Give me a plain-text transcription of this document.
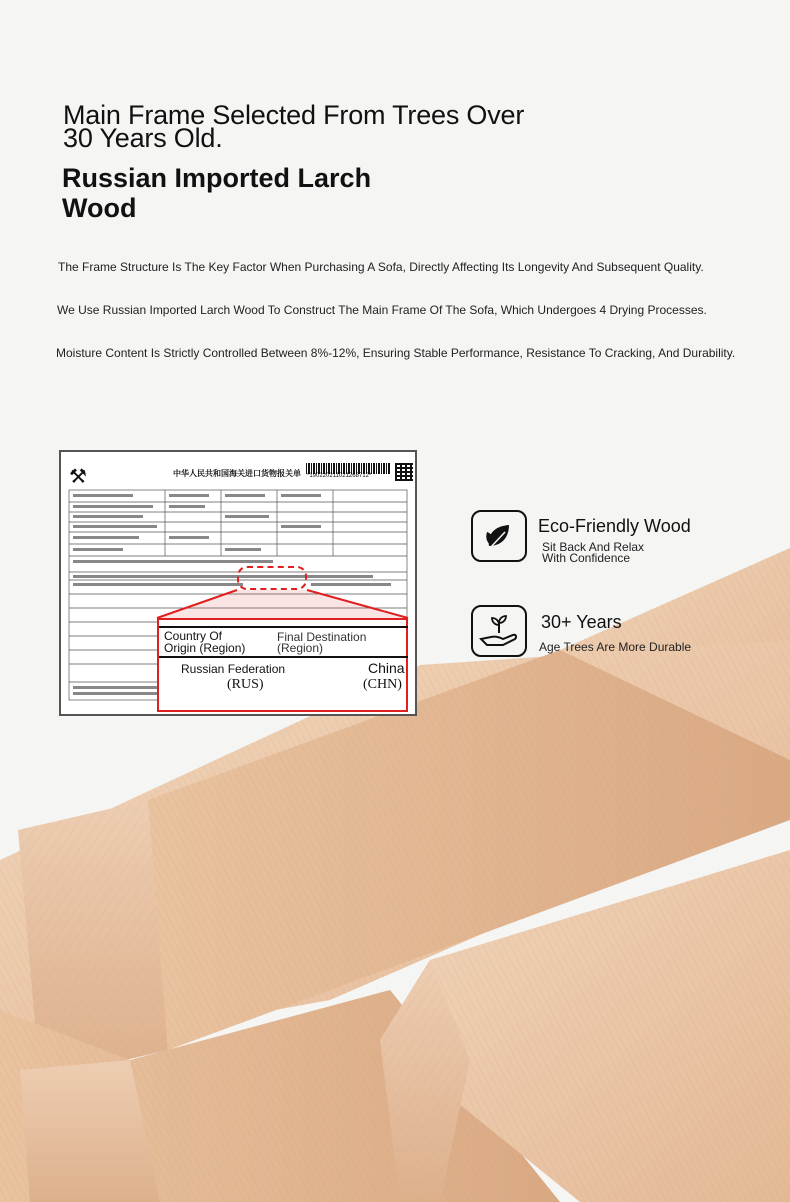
Main Frame Selected From Trees Over
30 Years Old.
Russian Imported Larch
Wood
The Frame Structure Is The Key Factor When Purchasing A Sofa, Directly Affecting Its Longevity And Subsequent Quality.
We Use Russian Imported Larch Wood To Construct The Main Frame Of The Sofa, Which Undergoes 4 Drying Processes.
Moisture Content Is Strictly Controlled Between 8%-12%, Ensuring Stable Performance, Resistance To Cracking, And Durability.
⚒	中华人民共和国海关进口货物报关单 *190220211021268712*
Country Of
Origin (Region)
Final Destination
(Region)
Russian Federation
(RUS)
China
(CHN)
Eco-Friendly Wood
Sit Back And Relax
With Confidence
30+ Years
Age Trees Are More Durable
